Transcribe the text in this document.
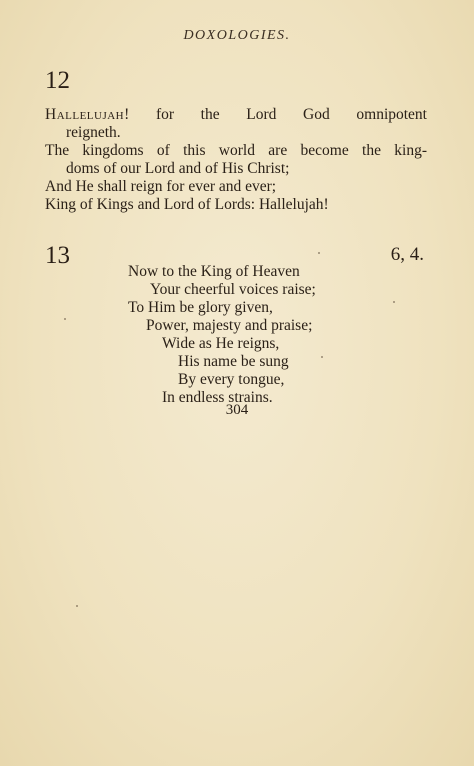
DOXOLOGIES.
12
Hallelujah! for the Lord God omnipotent
reigneth.
The kingdoms of this world are become the king-
doms of our Lord and of His Christ;
And He shall reign for ever and ever;
King of Kings and Lord of Lords: Hallelujah!
13	6, 4.
Now to the King of Heaven
Your cheerful voices raise;
To Him be glory given,
Power, majesty and praise;
Wide as He reigns,
His name be sung
By every tongue,
In endless strains.
304
